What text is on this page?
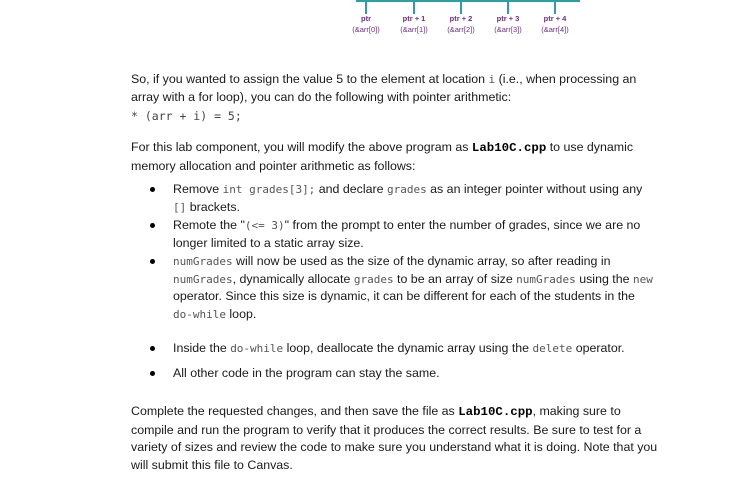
ptr
(&arr[0])
ptr + 1
(&arr[1])
ptr + 2
(&arr[2])
ptr + 3
(&arr[3])
ptr + 4
(&arr[4])
So, if you wanted to assign the value 5 to the element at location i (i.e., when processing an array with a for loop), you can do the following with pointer arithmetic:
* (arr + i) = 5;
For this lab component, you will modify the above program as Lab10C.cpp to use dynamic memory allocation and pointer arithmetic as follows:
Remove int grades[3]; and declare grades as an integer pointer without using any [] brackets.
Remote the "(<= 3)" from the prompt to enter the number of grades, since we are no longer limited to a static array size.
numGrades will now be used as the size of the dynamic array, so after reading in numGrades, dynamically allocate grades to be an array of size numGrades using the new operator. Since this size is dynamic, it can be different for each of the students in the do-while loop.
Inside the do-while loop, deallocate the dynamic array using the delete operator.
All other code in the program can stay the same.
Complete the requested changes, and then save the file as Lab10C.cpp, making sure to compile and run the program to verify that it produces the correct results. Be sure to test for a variety of sizes and review the code to make sure you understand what it is doing. Note that you will submit this file to Canvas.
